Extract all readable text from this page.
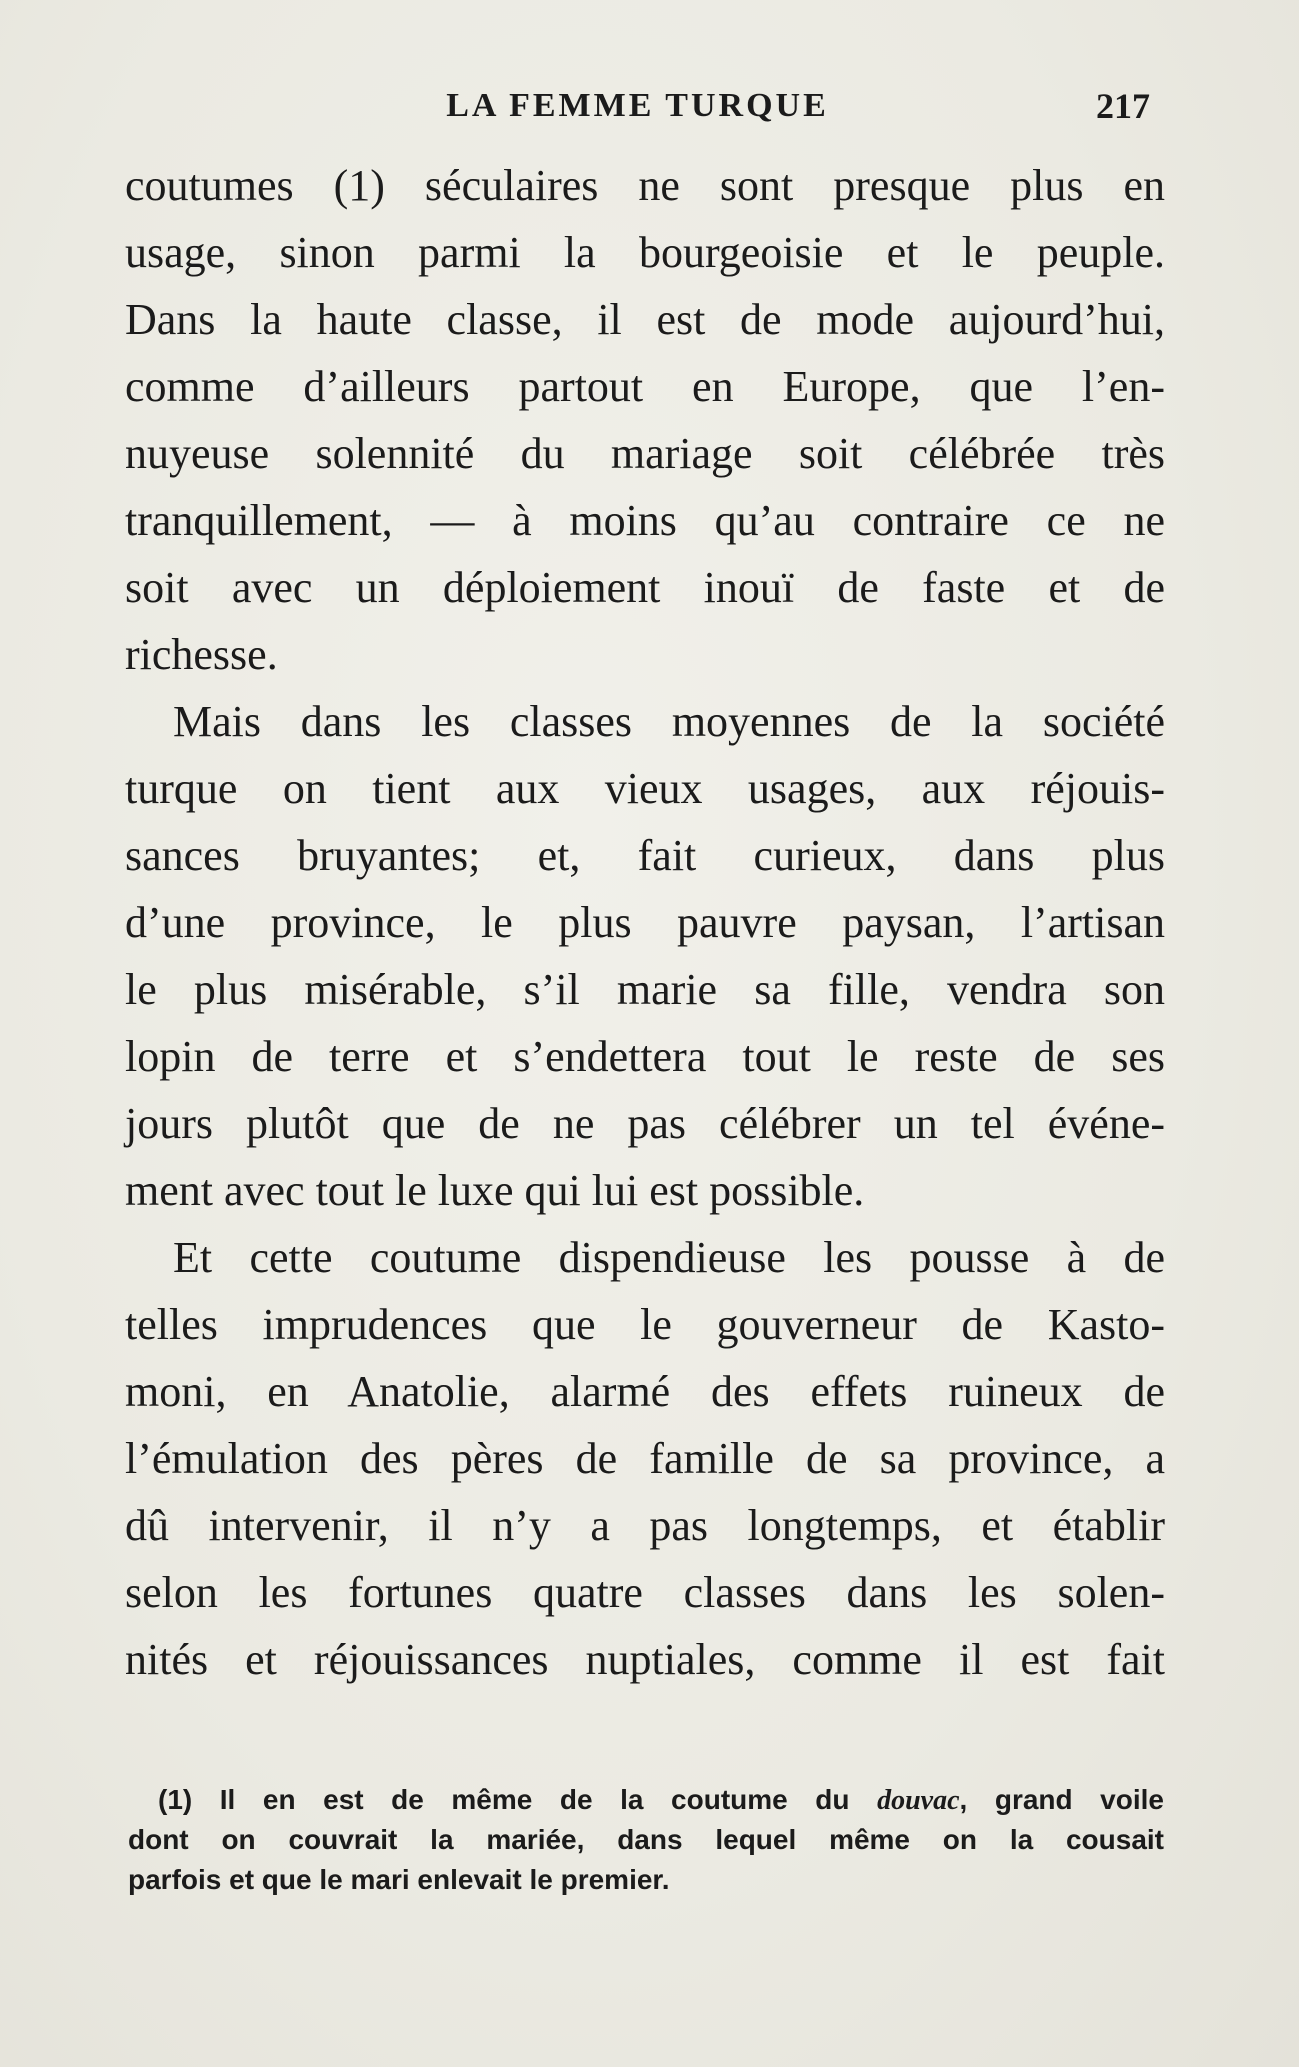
LA FEMME TURQUE	217
coutumes (1) séculaires ne sont presque plus en
usage, sinon parmi la bourgeoisie et le peuple.
Dans la haute classe, il est de mode aujourd’hui,
comme d’ailleurs partout en Europe, que l’en-
nuyeuse solennité du mariage soit célébrée très
tranquillement, — à moins qu’au contraire ce ne
soit avec un déploiement inouï de faste et de
richesse.
Mais dans les classes moyennes de la société
turque on tient aux vieux usages, aux réjouis-
sances bruyantes; et, fait curieux, dans plus
d’une province, le plus pauvre paysan, l’artisan
le plus misérable, s’il marie sa fille, vendra son
lopin de terre et s’endettera tout le reste de ses
jours plutôt que de ne pas célébrer un tel événe-
ment avec tout le luxe qui lui est possible.
Et cette coutume dispendieuse les pousse à de
telles imprudences que le gouverneur de Kasto-
moni, en Anatolie, alarmé des effets ruineux de
l’émulation des pères de famille de sa province, a
dû intervenir, il n’y a pas longtemps, et établir
selon les fortunes quatre classes dans les solen-
nités et réjouissances nuptiales, comme il est fait
(1) Il en est de même de la coutume du douvac, grand voile
dont on couvrait la mariée, dans lequel même on la cousait
parfois et que le mari enlevait le premier.
